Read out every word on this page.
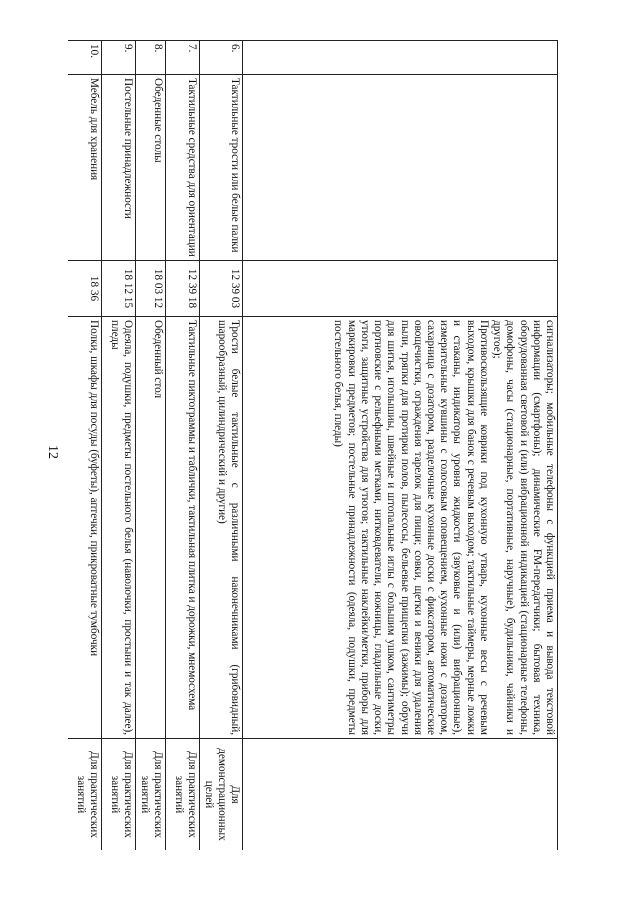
12

			сигнализаторы; мобильные телефоны с функцией приема и вывода текстовой информации (смартфоны); динамические FM-передатчики; бытовая техника, оборудованная световой и (или) вибрационной индикацией (стационарные телефоны, домофоны, часы (стационарные, портативные, наручные), будильники, чайники и другое);

Противоскользящие коврики под кухонную утварь, кухонные весы с речевым выходом, крышки для банок с речевым выходом; тактильные таймеры, мерные ложки и стаканы, индикаторы уровня жидкости (звуковые и (или) вибрационные), измерительные кувшины с голосовым оповещением, кухонные ножи с дозатором, сахарница с дозатором, разделочные кухонные доски с фиксатором, автоматические овощечистки, ограждения тарелок для пищи; совки, щетки и веники для удаления пыли, тряпки для протирки полов, пылесосы, бельевые прищепки (зажимы); обручи для шитья, иголышиы, швейные и штопальные иглы с большим ушком, сантиметры портновские с рельефными метками, нитковдеватели, ножницы, гладильные доски, утюги, защитные устройства для утюгов; тактильные наклейки/метки, приборы для маркировки предметов; постельные принадлежности (одеяла, подушки, предметы постельного белья, пледы)	

6.	Тактильные трости или белые палки	12 39 03	Трости белые тактильные с различными наконечниками (грибовидный, шарообразный, цилиндрический и другие)	Для демонстрационных целей
7.	Тактильные средства для ориентации	12 39 18	Тактильные пиктограммы и таблички, тактильная плитка и дорожки, мнемосхема	Для практических занятий
8.	Обеденные столы	18 03 12	Обеденный стол	Для практических занятий
9.	Постельные принадлежности	18 12 15	Одеяла, подушки, предметы постельного белья (наволочки, простыни и так далее), пледы	Для практических занятий
10.	Мебель для хранения	18 36	Полки, шкафы для посуды (буфеты), аптечки, прикроватные тумбочки	Для практических занятий
